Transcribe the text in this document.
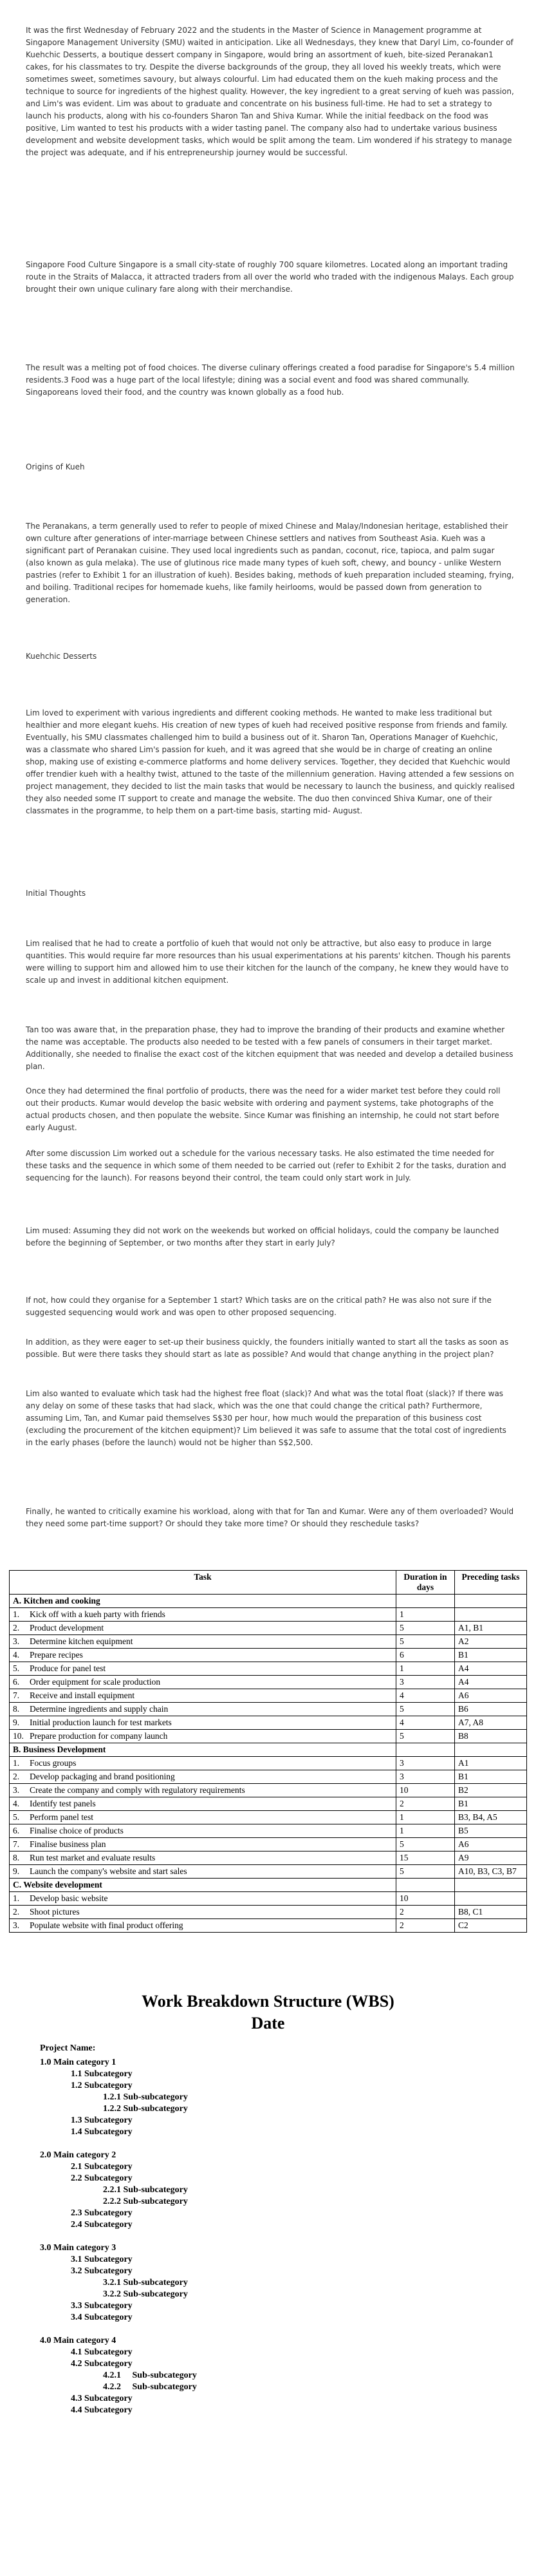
It was the first Wednesday of February 2022 and the students in the Master of Science in Management programme at Singapore Management University (SMU) waited in anticipation. Like all Wednesdays, they knew that Daryl Lim, co-founder of Kuehchic Desserts, a boutique dessert company in Singapore, would bring an assortment of kueh, bite-sized Peranakan1 cakes, for his classmates to try. Despite the diverse backgrounds of the group, they all loved his weekly treats, which were sometimes sweet, sometimes savoury, but always colourful. Lim had educated them on the kueh making process and the technique to source for ingredients of the highest quality. However, the key ingredient to a great serving of kueh was passion, and Lim's was evident. Lim was about to graduate and concentrate on his business full-time. He had to set a strategy to launch his products, along with his co-founders Sharon Tan and Shiva Kumar. While the initial feedback on the food was positive, Lim wanted to test his products with a wider tasting panel. The company also had to undertake various business development and website development tasks, which would be split among the team. Lim wondered if his strategy to manage the project was adequate, and if his entrepreneurship journey would be successful.

Singapore Food Culture Singapore is a small city-state of roughly 700 square kilometres. Located along an important trading route in the Straits of Malacca, it attracted traders from all over the world who traded with the indigenous Malays. Each group brought their own unique culinary fare along with their merchandise.

The result was a melting pot of food choices. The diverse culinary offerings created a food paradise for Singapore's 5.4 million residents.3 Food was a huge part of the local lifestyle; dining was a social event and food was shared communally. Singaporeans loved their food, and the country was known globally as a food hub.

Origins of Kueh

The Peranakans, a term generally used to refer to people of mixed Chinese and Malay/Indonesian heritage, established their own culture after generations of inter-marriage between Chinese settlers and natives from Southeast Asia. Kueh was a significant part of Peranakan cuisine. They used local ingredients such as pandan, coconut, rice, tapioca, and palm sugar (also known as gula melaka). The use of glutinous rice made many types of kueh soft, chewy, and bouncy - unlike Western pastries (refer to Exhibit 1 for an illustration of kueh). Besides baking, methods of kueh preparation included steaming, frying, and boiling. Traditional recipes for homemade kuehs, like family heirlooms, would be passed down from generation to generation.

Kuehchic Desserts

Lim loved to experiment with various ingredients and different cooking methods. He wanted to make less traditional but healthier and more elegant kuehs. His creation of new types of kueh had received positive response from friends and family. Eventually, his SMU classmates challenged him to build a business out of it. Sharon Tan, Operations Manager of Kuehchic, was a classmate who shared Lim's passion for kueh, and it was agreed that she would be in charge of creating an online shop, making use of existing e-commerce platforms and home delivery services. Together, they decided that Kuehchic would offer trendier kueh with a healthy twist, attuned to the taste of the millennium generation. Having attended a few sessions on project management, they decided to list the main tasks that would be necessary to launch the business, and quickly realised they also needed some IT support to create and manage the website. The duo then convinced Shiva Kumar, one of their classmates in the programme, to help them on a part-time basis, starting mid- August.

Initial Thoughts

Lim realised that he had to create a portfolio of kueh that would not only be attractive, but also easy to produce in large quantities. This would require far more resources than his usual experimentations at his parents' kitchen. Though his parents were willing to support him and allowed him to use their kitchen for the launch of the company, he knew they would have to scale up and invest in additional kitchen equipment.

Tan too was aware that, in the preparation phase, they had to improve the branding of their products and examine whether the name was acceptable. The products also needed to be tested with a few panels of consumers in their target market. Additionally, she needed to finalise the exact cost of the kitchen equipment that was needed and develop a detailed business plan.

Once they had determined the final portfolio of products, there was the need for a wider market test before they could roll out their products. Kumar would develop the basic website with ordering and payment systems, take photographs of the actual products chosen, and then populate the website. Since Kumar was finishing an internship, he could not start before early August.

After some discussion Lim worked out a schedule for the various necessary tasks. He also estimated the time needed for these tasks and the sequence in which some of them needed to be carried out (refer to Exhibit 2 for the tasks, duration and sequencing for the launch). For reasons beyond their control, the team could only start work in July.

Lim mused: Assuming they did not work on the weekends but worked on official holidays, could the company be launched before the beginning of September, or two months after they start in early July?

If not, how could they organise for a September 1 start? Which tasks are on the critical path? He was also not sure if the suggested sequencing would work and was open to other proposed sequencing.

In addition, as they were eager to set-up their business quickly, the founders initially wanted to start all the tasks as soon as possible. But were there tasks they should start as late as possible? And would that change anything in the project plan?

Lim also wanted to evaluate which task had the highest free float (slack)? And what was the total float (slack)? If there was any delay on some of these tasks that had slack, which was the one that could change the critical path? Furthermore, assuming Lim, Tan, and Kumar paid themselves S$30 per hour, how much would the preparation of this business cost (excluding the procurement of the kitchen equipment)? Lim believed it was safe to assume that the total cost of ingredients in the early phases (before the launch) would not be higher than S$2,500.

Finally, he wanted to critically examine his workload, along with that for Tan and Kumar. Were any of them overloaded? Would they need some part-time support? Or should they take more time? Or should they reschedule tasks?

Task	Duration in days	Preceding tasks
A. Kitchen and cooking		
1. Kick off with a kueh party with friends	1	
2. Product development	5	A1, B1
3. Determine kitchen equipment	5	A2
4. Prepare recipes	6	B1
5. Produce for panel test	1	A4
6. Order equipment for scale production	3	A4
7. Receive and install equipment	4	A6
8. Determine ingredients and supply chain	5	B6
9. Initial production launch for test markets	4	A7, A8
10. Prepare production for company launch	5	B8
B. Business Development		
1. Focus groups	3	A1
2. Develop packaging and brand positioning	3	B1
3. Create the company and comply with regulatory requirements	10	B2
4. Identify test panels	2	B1
5. Perform panel test	1	B3, B4, A5
6. Finalise choice of products	1	B5
7. Finalise business plan	5	A6
8. Run test market and evaluate results	15	A9
9. Launch the company's website and start sales	5	A10, B3, C3, B7
C. Website development		
1. Develop basic website	10	
2. Shoot pictures	2	B8, C1
3. Populate website with final product offering	2	C2
Work Breakdown Structure (WBS)
Date
Project Name:
1.0 Main category 1
1.1 Subcategory
1.2 Subcategory
1.2.1 Sub-subcategory
1.2.2 Sub-subcategory
1.3 Subcategory
1.4 Subcategory
2.0 Main category 2
2.1 Subcategory
2.2 Subcategory
2.2.1 Sub-subcategory
2.2.2 Sub-subcategory
2.3 Subcategory
2.4 Subcategory
3.0 Main category 3
3.1 Subcategory
3.2 Subcategory
3.2.1 Sub-subcategory
3.2.2 Sub-subcategory
3.3 Subcategory
3.4 Subcategory
4.0 Main category 4
4.1 Subcategory
4.2 Subcategory
4.2.1     Sub-subcategory
4.2.2     Sub-subcategory
4.3 Subcategory
4.4 Subcategory
